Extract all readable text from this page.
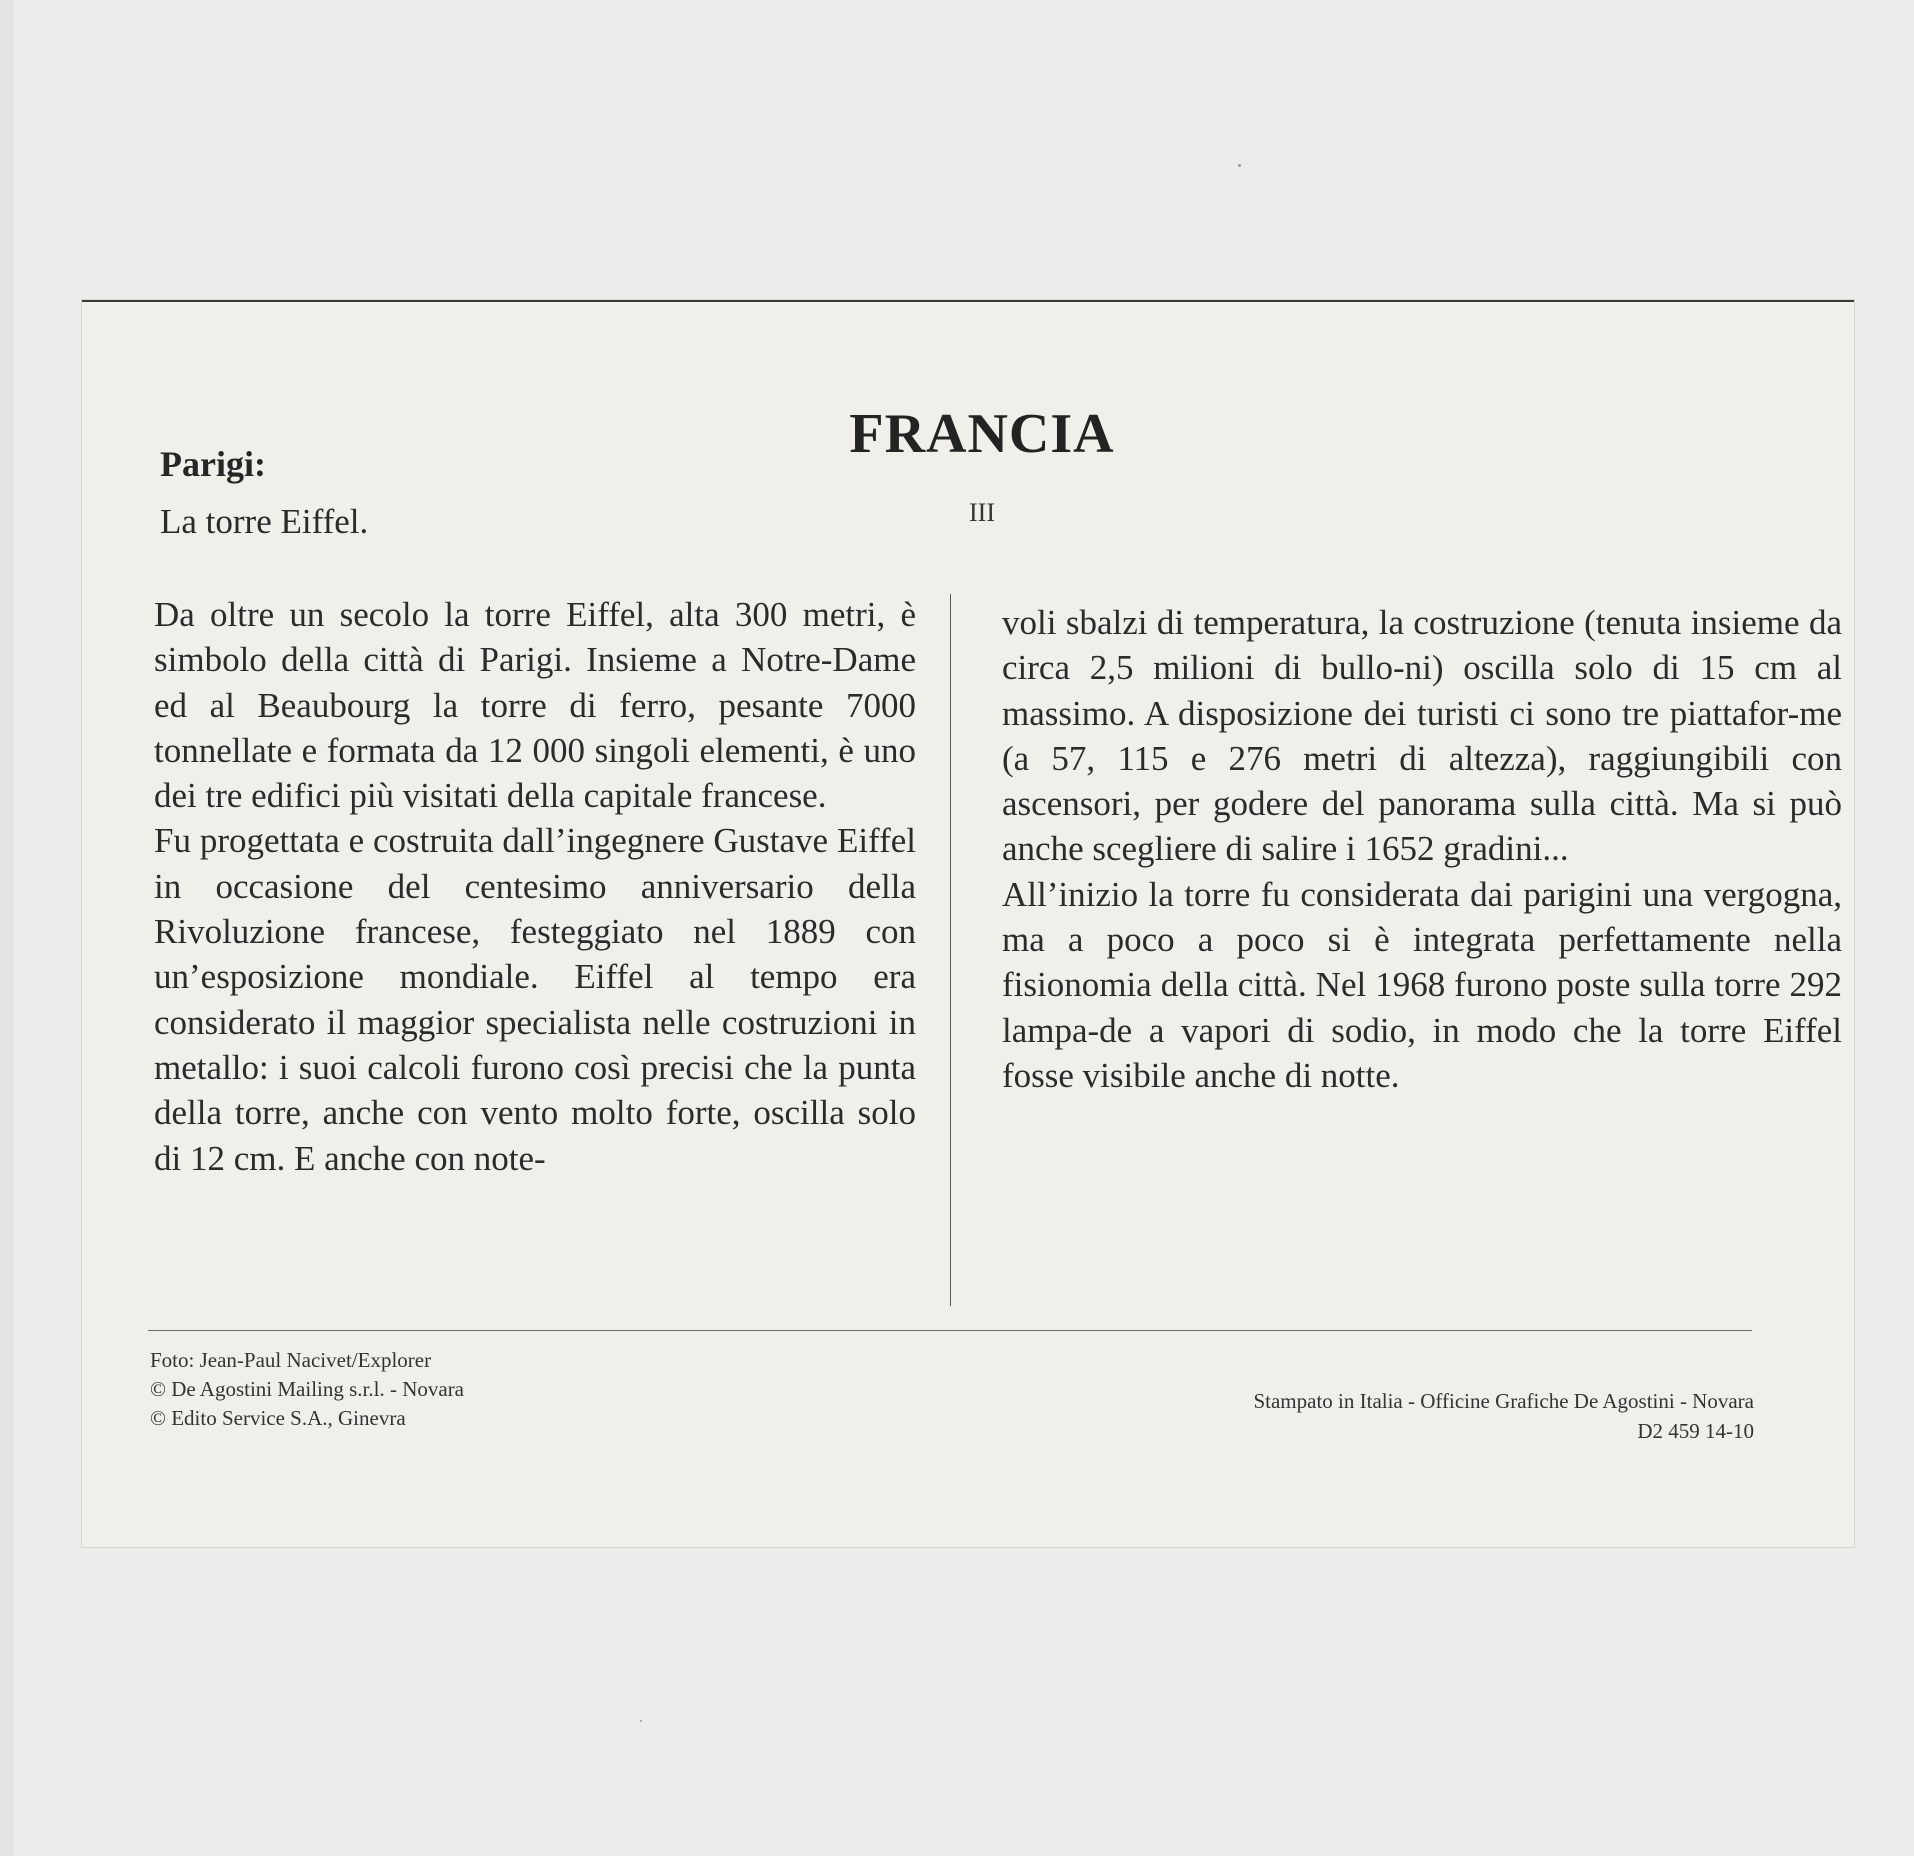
Parigi:

La torre Eiffel.

FRANCIA
III

Da oltre un secolo la torre Eiffel, alta 300 metri, è simbolo della città di Parigi. Insieme a Notre-Dame ed al Beaubourg la torre di ferro, pesante 7000 tonnellate e formata da 12 000 singoli elementi, è uno dei tre edifici più visitati della capitale francese.

Fu progettata e costruita dall’ingegnere Gustave Eiffel in occasione del centesimo anniversario della Rivoluzione francese, festeggiato nel 1889 con un’esposizione mondiale. Eiffel al tempo era considerato il maggior specialista nelle costruzioni in metallo: i suoi calcoli furono così precisi che la punta della torre, anche con vento molto forte, oscilla solo di 12 cm. E anche con note-

voli sbalzi di temperatura, la costruzione (tenuta insieme da circa 2,5 milioni di bullo-ni) oscilla solo di 15 cm al massimo. A disposizione dei turisti ci sono tre piattafor-me (a 57, 115 e 276 metri di altezza), raggiungibili con ascensori, per godere del panorama sulla città. Ma si può anche scegliere di salire i 1652 gradini...

All’inizio la torre fu considerata dai parigini una vergogna, ma a poco a poco si è integrata perfettamente nella fisionomia della città. Nel 1968 furono poste sulla torre 292 lampa-de a vapori di sodio, in modo che la torre Eiffel fosse visibile anche di notte.

Foto: Jean-Paul Nacivet/Explorer
© De Agostini Mailing s.r.l. - Novara
© Edito Service S.A., Ginevra
Stampato in Italia - Officine Grafiche De Agostini - Novara
D2 459 14-10
